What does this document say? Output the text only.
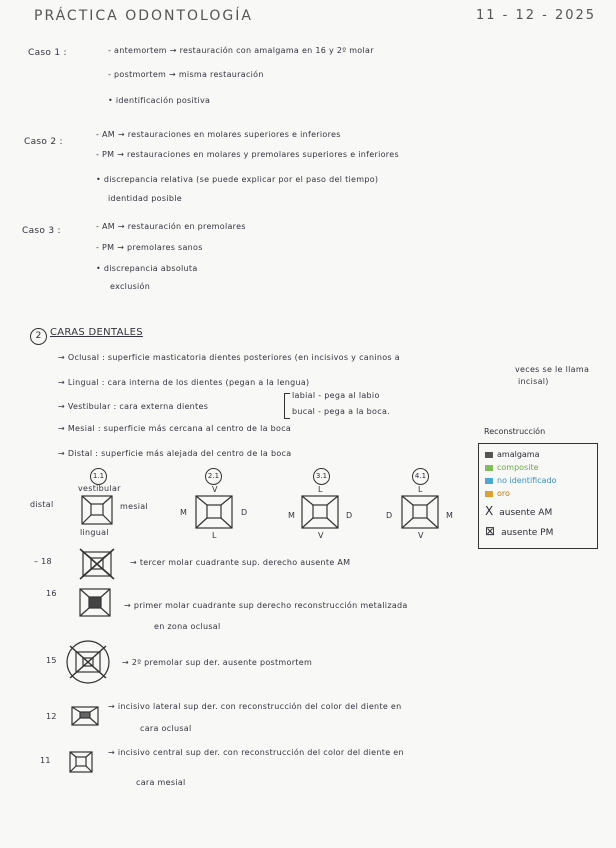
PRÁCTICA ODONTOLOGÍA	11 - 12 - 2025
Caso 1 :	- antemortem → restauración con amalgama en 16 y 2º molar
- postmortem → misma restauración
• identificación positiva
Caso 2 :
- AM → restauraciones en molares superiores e inferiores
- PM → restauraciones en molares y premolares superiores e inferiores
• discrepancia relativa (se puede explicar por el paso del tiempo)
identidad posible
Caso 3 :	- AM → restauración en premolares
- PM → premolares sanos
• discrepancia absoluta
exclusión
2 CARAS DENTALES
→ Oclusal : superficie masticatoria dientes posteriores (en incisivos y caninos a
veces se le llama
incisal)
→ Lingual : cara interna de los dientes (pegan a la lengua)
→ Vestibular : cara externa dientes
labial - pega al labio
bucal - pega a la boca.
→ Mesial : superficie más cercana al centro de la boca
→ Distal : superficie más alejada del centro de la boca
1.1	2.1	3.1	4.1
vestibular
distal	mesial
lingual
M	D	M	D	D	M
V
L
L
V
L
V
Reconstrucción
amalgama
composite
no identificado
oro
X ausente AM
⊠ ausente PM
– 18	→ tercer molar cuadrante sup. derecho ausente AM
16
→ primer molar cuadrante sup derecho reconstrucción metalizada
en zona oclusal
15	→ 2º premolar sup der. ausente postmortem
12
→ incisivo lateral sup der. con reconstrucción del color del diente en
cara oclusal
11
→ incisivo central sup der. con reconstrucción del color del diente en
cara mesial
